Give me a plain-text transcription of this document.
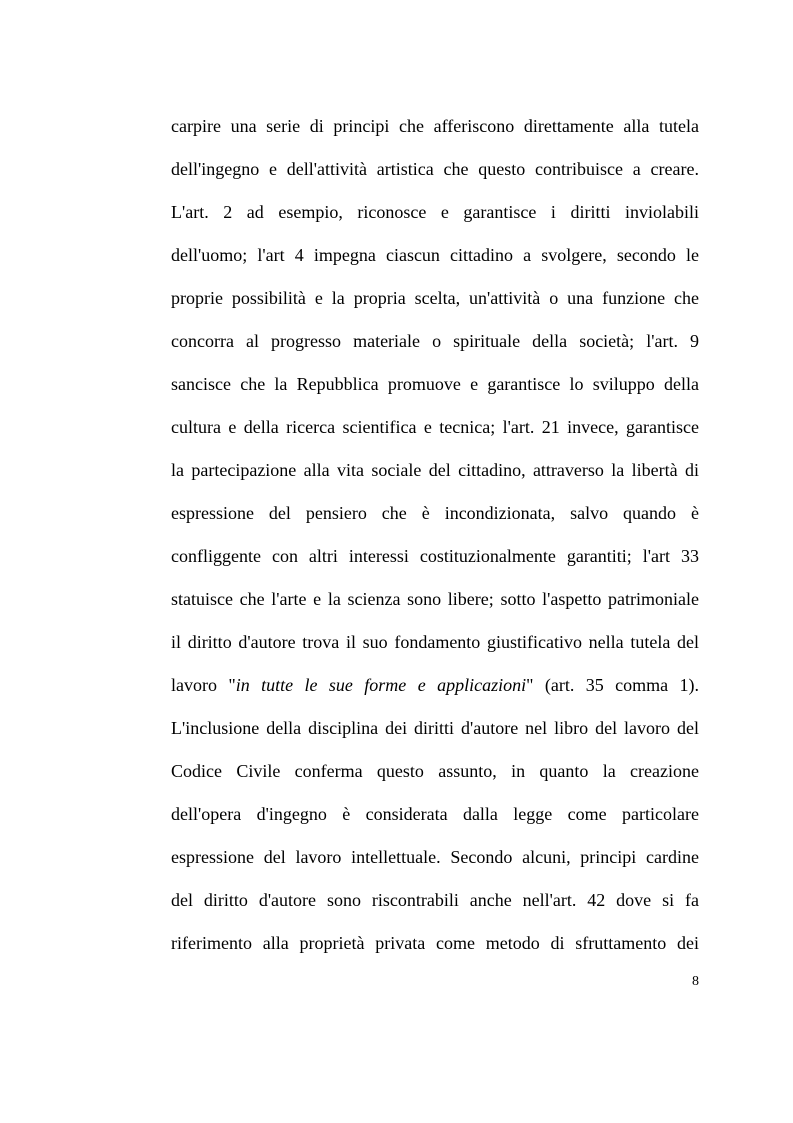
carpire una serie di principi che afferiscono direttamente alla tutela
dell'ingegno e dell'attività artistica che questo contribuisce a creare.
L'art. 2 ad esempio, riconosce e garantisce i diritti inviolabili
dell'uomo; l'art 4 impegna ciascun cittadino a svolgere, secondo le
proprie possibilità e la propria scelta, un'attività o una funzione che
concorra al progresso materiale o spirituale della società; l'art. 9
sancisce che la Repubblica promuove e garantisce lo sviluppo della
cultura e della ricerca scientifica e tecnica; l'art. 21 invece, garantisce
la partecipazione alla vita sociale del cittadino, attraverso la libertà di
espressione del pensiero che è incondizionata, salvo quando è
confliggente con altri interessi costituzionalmente garantiti; l'art 33
statuisce che l'arte e la scienza sono libere; sotto l'aspetto patrimoniale
il diritto d'autore trova il suo fondamento giustificativo nella tutela del
lavoro "in tutte le sue forme e applicazioni" (art. 35 comma 1).
L'inclusione della disciplina dei diritti d'autore nel libro del lavoro del
Codice Civile conferma questo assunto, in quanto la creazione
dell'opera d'ingegno è considerata dalla legge come particolare
espressione del lavoro intellettuale. Secondo alcuni, principi cardine
del diritto d'autore sono riscontrabili anche nell'art. 42 dove si fa
riferimento alla proprietà privata come metodo di sfruttamento dei
8
